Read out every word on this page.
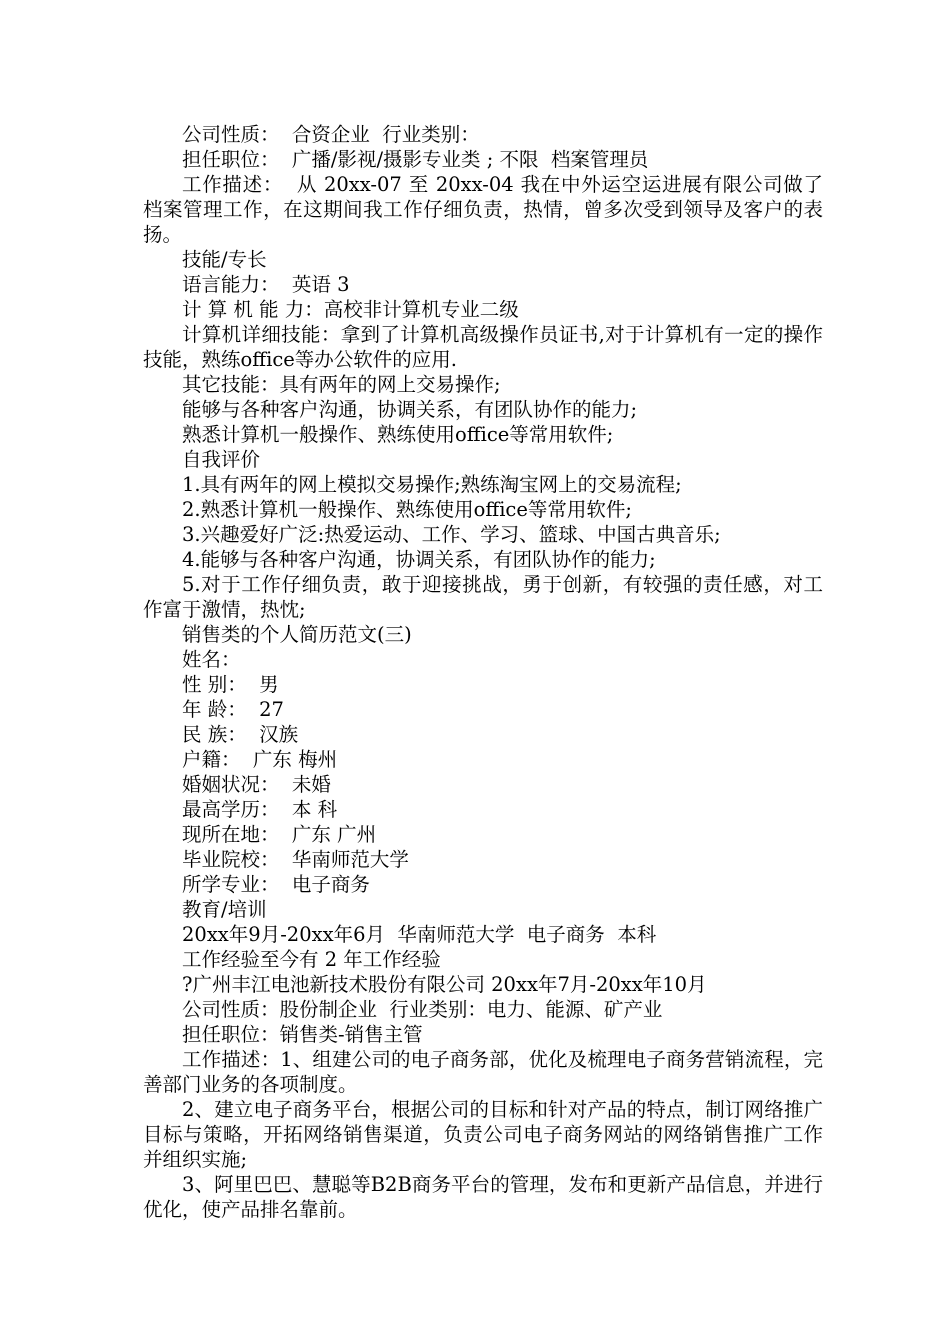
公司性质：  合资企业  行业类别：

担任职位：  广播/影视/摄影专业类 ; 不限  档案管理员

工作描述：  从 20xx-07 至 20xx-04 我在中外运空运进展有限公司做了档案管理工作，在这期间我工作仔细负责，热情，曾多次受到领导及客户的表扬。

技能/专长

语言能力：  英语 3

计 算 机 能 力：高校非计算机专业二级

计算机详细技能：拿到了计算机高级操作员证书,对于计算机有一定的操作技能，熟练office等办公软件的应用.

其它技能：具有两年的网上交易操作;

能够与各种客户沟通，协调关系，有团队协作的能力;

熟悉计算机一般操作、熟练使用office等常用软件;

自我评价

1.具有两年的网上模拟交易操作;熟练淘宝网上的交易流程;

2.熟悉计算机一般操作、熟练使用office等常用软件;

3.兴趣爱好广泛:热爱运动、工作、学习、篮球、中国古典音乐;

4.能够与各种客户沟通，协调关系，有团队协作的能力;

5.对于工作仔细负责，敢于迎接挑战，勇于创新，有较强的责任感，对工作富于激情，热忱;

销售类的个人简历范文(三)

姓名：

性 别：  男

年 龄：  27

民 族：  汉族

户籍：  广东 梅州

婚姻状况：  未婚

最高学历：  本 科

现所在地：  广东 广州

毕业院校：  华南师范大学

所学专业：  电子商务

教育/培训

20xx年9月-20xx年6月  华南师范大学  电子商务  本科

工作经验至今有 2 年工作经验

?广州丰江电池新技术股份有限公司 20xx年7月-20xx年10月

公司性质：股份制企业  行业类别：电力、能源、矿产业

担任职位：销售类-销售主管

工作描述：1、组建公司的电子商务部，优化及梳理电子商务营销流程，完善部门业务的各项制度。

2、建立电子商务平台，根据公司的目标和针对产品的特点，制订网络推广目标与策略，开拓网络销售渠道，负责公司电子商务网站的网络销售推广工作并组织实施;

3、阿里巴巴、慧聪等B2B商务平台的管理，发布和更新产品信息，并进行优化，使产品排名靠前。
